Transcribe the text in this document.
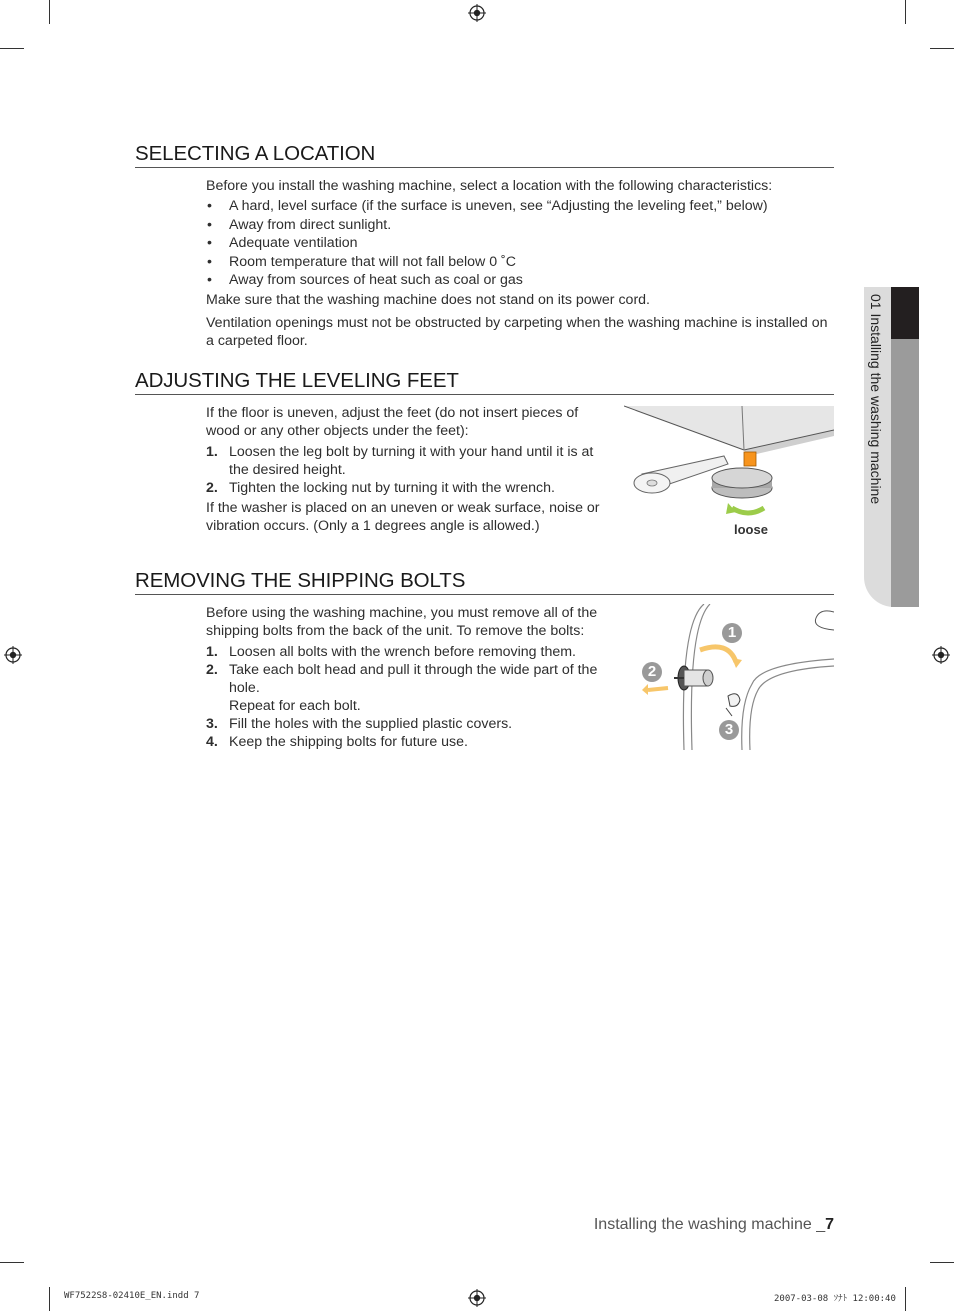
01 Installing the washing machine
SELECTING A LOCATION

Before you install the washing machine, select a location with the following characteristics:

• A hard, level surface (if the surface is uneven, see “Adjusting the leveling feet,” below)
• Away from direct sunlight.
• Adequate ventilation
• Room temperature that will not fall below 0 ˚C
• Away from sources of heat such as coal or gas

Make sure that the washing machine does not stand on its power cord.

Ventilation openings must not be obstructed by carpeting when the washing machine is installed on a carpeted floor.

ADJUSTING THE LEVELING FEET

If the floor is uneven, adjust the feet (do not insert pieces of wood or any other objects under the feet):

1. Loosen the leg bolt by turning it with your hand until it is at the desired height.
2. Tighten the locking nut by turning it with the wrench.

If the washer is placed on an uneven or weak surface, noise or vibration occurs. (Only a 1 degrees angle is allowed.)	loose
REMOVING THE SHIPPING BOLTS

Before using the washing machine, you must remove all of the shipping bolts from the back of the unit. To remove the bolts:

1. Loosen all bolts with the wrench before removing them.
2. Take each bolt head and pull it through the wide part of the hole.
Repeat for each bolt.
3. Fill the holes with the supplied plastic covers.
4. Keep the shipping bolts for future use.
1
2
3
Installing the washing machine _7
WF7522S8-02410E_EN.indd 7	2007-03-08 ｿﾅﾄ 12:00:40
